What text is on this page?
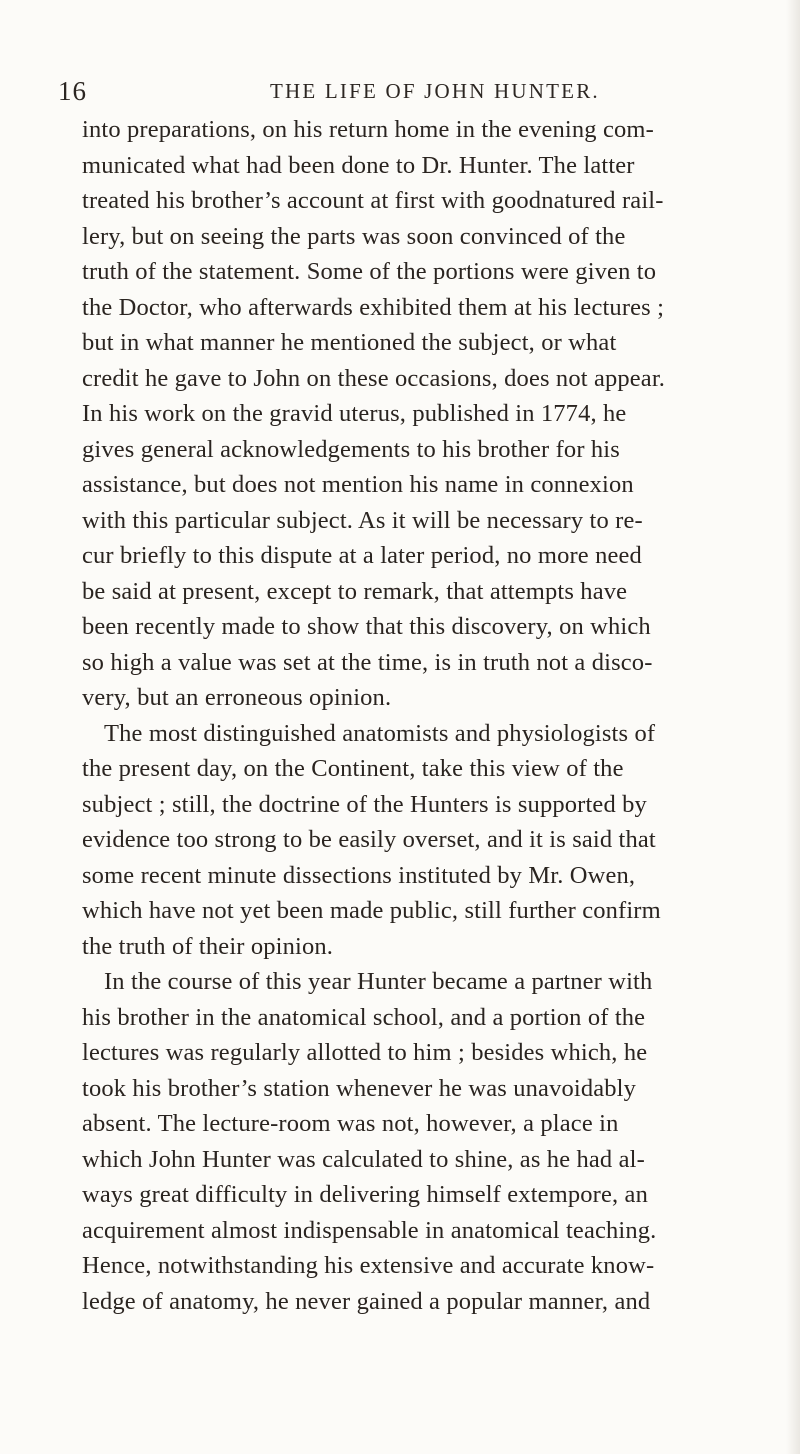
16	THE LIFE OF JOHN HUNTER.
into preparations, on his return home in the evening com-
municated what had been done to Dr. Hunter. The latter
treated his brother’s account at first with goodnatured rail-
lery, but on seeing the parts was soon convinced of the
truth of the statement. Some of the portions were given to
the Doctor, who afterwards exhibited them at his lectures ;
but in what manner he mentioned the subject, or what
credit he gave to John on these occasions, does not appear.
In his work on the gravid uterus, published in 1774, he
gives general acknowledgements to his brother for his
assistance, but does not mention his name in connexion
with this particular subject. As it will be necessary to re-
cur briefly to this dispute at a later period, no more need
be said at present, except to remark, that attempts have
been recently made to show that this discovery, on which
so high a value was set at the time, is in truth not a disco-
very, but an erroneous opinion.
The most distinguished anatomists and physiologists of
the present day, on the Continent, take this view of the
subject ; still, the doctrine of the Hunters is supported by
evidence too strong to be easily overset, and it is said that
some recent minute dissections instituted by Mr. Owen,
which have not yet been made public, still further confirm
the truth of their opinion.
In the course of this year Hunter became a partner with
his brother in the anatomical school, and a portion of the
lectures was regularly allotted to him ; besides which, he
took his brother’s station whenever he was unavoidably
absent. The lecture-room was not, however, a place in
which John Hunter was calculated to shine, as he had al-
ways great difficulty in delivering himself extempore, an
acquirement almost indispensable in anatomical teaching.
Hence, notwithstanding his extensive and accurate know-
ledge of anatomy, he never gained a popular manner, and
